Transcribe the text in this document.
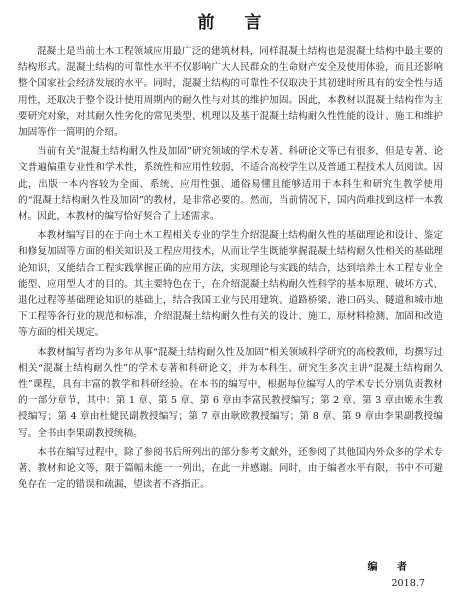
前 言

混凝土是当前土木工程领域应用最广泛的建筑材料，同样混凝土结构也是混凝土结构中最主要的结构形式。混凝土结构的可靠性水平不仅影响广大人民群众的生命财产安全及使用体验，而且还影响整个国家社会经济发展的水平。同时，混凝土结构的可靠性不仅取决于其初建时所具有的安全性与适用性，还取决于整个设计使用周期内的耐久性与对其的维护加固。因此，本教材以混凝土结构作为主要研究对象，对其耐久性劣化的常见类型、机理以及基于混凝土结构耐久性性能的设计、施工和维护加固等作一简明的介绍。

当前有关“混凝土结构耐久性及加固”研究领域的学术专著、科研论文等已有很多，但是专著、论文普遍偏重专业性和学术性，系统性和应用性较弱，不适合高校学生以及普通工程技术人员阅读。因此，出版一本内容较为全面、系统、应用性强、通俗易懂且能够适用于本科生和研究生教学使用的“混凝土结构耐久性及加固”的教材，是非常必要的。然而，当前情况下，国内尚难找到这样一本教材。因此，本教材的编写恰好契合了上述需求。

本教材编写目的在于向土木工程相关专业的学生介绍混凝土结构耐久性的基础理论和设计、鉴定和修复加固等方面的相关知识及工程应用技术，从而让学生既能掌握混凝土结构耐久性相关的基础理论知识，又能结合工程实践掌握正确的应用方法，实现理论与实践的结合，达到培养土木工程专业全能型、应用型人才的目的。其主要特色在于，在介绍混凝土结构耐久性科学的基本原理、破坏方式、退化过程等基础理论知识的基础上，结合我国工业与民用建筑、道路桥梁、港口码头、隧道和城市地下工程等各行业的规范和标准，介绍混凝土结构耐久性有关的设计、施工、原材料检测、加固和改造等方面的相关规定。

本教材编写者均为多年从事“混凝土结构耐久性及加固”相关领域科学研究的高校教师，均撰写过相关“混凝土结构耐久性”的学术专著和科研论文，并为本科生、研究生多次主讲“混凝土结构耐久性”课程，具有丰富的教学和科研经验。在本书的编写中，根据每位编写人的学术专长分别负责教材的一部分章节，其中：第 1 章、第 5 章、第 6 章由李富民教授编写；第 2 章、第 3 章由姬永生教授编写；第 4 章由杜健民副教授编写；第 7 章由耿欧教授编写；第 8 章、第 9 章由李果副教授编写。全书由李果副教授统稿。

本书在编写过程中，除了参阅书后所列出的部分参考文献外，还参阅了其他国内外众多的学术专著、教材和论文等，限于篇幅未能一一列出，在此一并感谢。同时，由于编者水平有限，书中不可避免存在一定的错误和疏漏，望读者不吝指正。

编 者
2018.7
